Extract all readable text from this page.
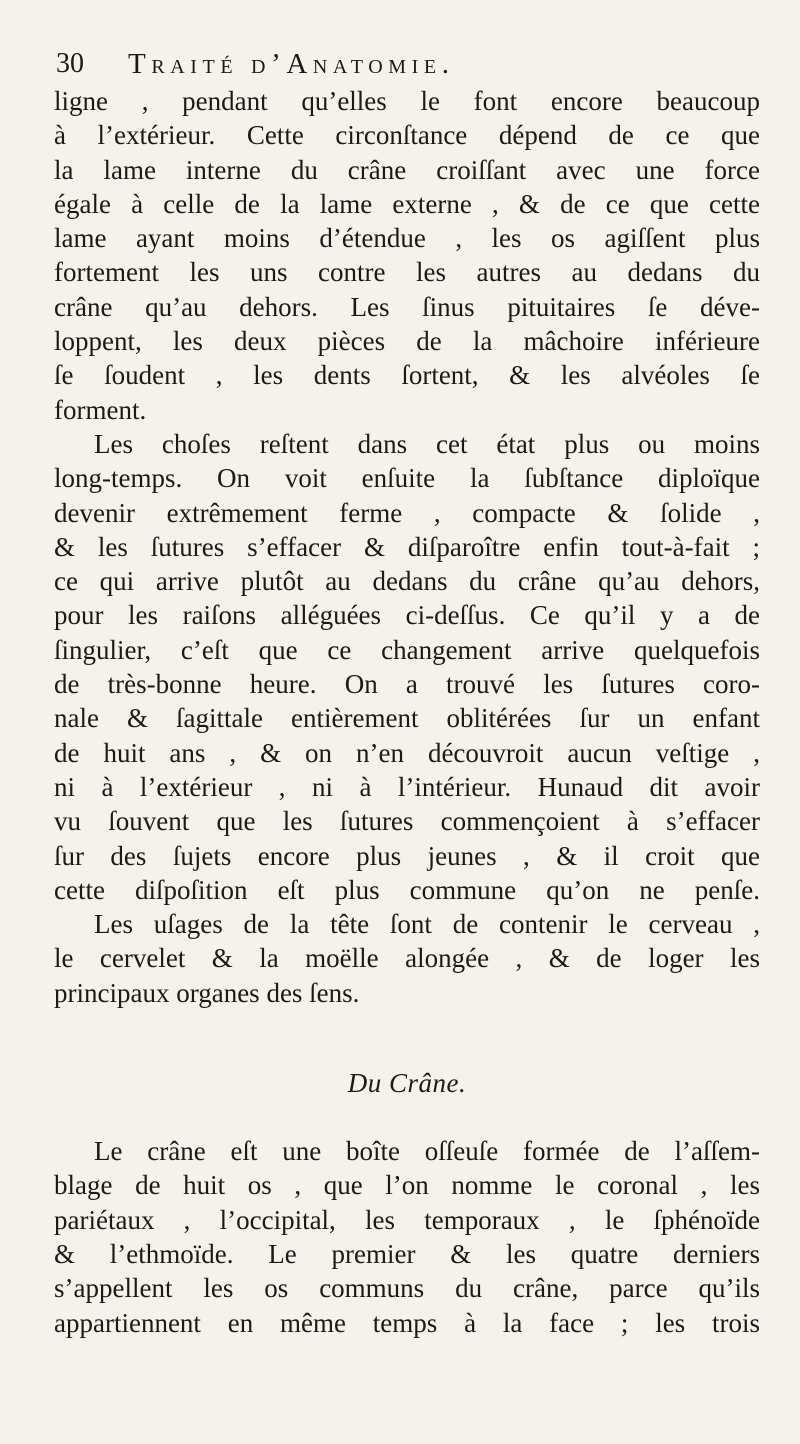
30 Traité d’Anatomie.
ligne , pendant qu’elles le font encore beaucoup
à l’extérieur. Cette circonſtance dépend de ce que
la lame interne du crâne croiſſant avec une force
égale à celle de la lame externe , & de ce que cette
lame ayant moins d’étendue , les os agiſſent plus
fortement les uns contre les autres au dedans du
crâne qu’au dehors. Les ſinus pituitaires ſe déve-
loppent, les deux pièces de la mâchoire inférieure
ſe ſoudent , les dents ſortent, & les alvéoles ſe
forment.
Les choſes reſtent dans cet état plus ou moins
long-temps. On voit enſuite la ſubſtance diploïque
devenir extrêmement ferme , compacte & ſolide ,
& les ſutures s’effacer & diſparoître enfin tout-à-fait ;
ce qui arrive plutôt au dedans du crâne qu’au dehors,
pour les raiſons alléguées ci-deſſus. Ce qu’il y a de
ſingulier, c’eſt que ce changement arrive quelquefois
de très-bonne heure. On a trouvé les ſutures coro-
nale & ſagittale entièrement oblitérées ſur un enfant
de huit ans , & on n’en découvroit aucun veſtige ,
ni à l’extérieur , ni à l’intérieur. Hunaud dit avoir
vu ſouvent que les ſutures commençoient à s’effacer
ſur des ſujets encore plus jeunes , & il croit que
cette diſpoſition eſt plus commune qu’on ne penſe.
Les uſages de la tête ſont de contenir le cerveau ,
le cervelet & la moëlle alongée , & de loger les
principaux organes des ſens.
Du Crâne.
Le crâne eſt une boîte oſſeuſe formée de l’aſſem-
blage de huit os , que l’on nomme le coronal , les
pariétaux , l’occipital, les temporaux , le ſphénoïde
& l’ethmoïde. Le premier & les quatre derniers
s’appellent les os communs du crâne, parce qu’ils
appartiennent en même temps à la face ; les trois
